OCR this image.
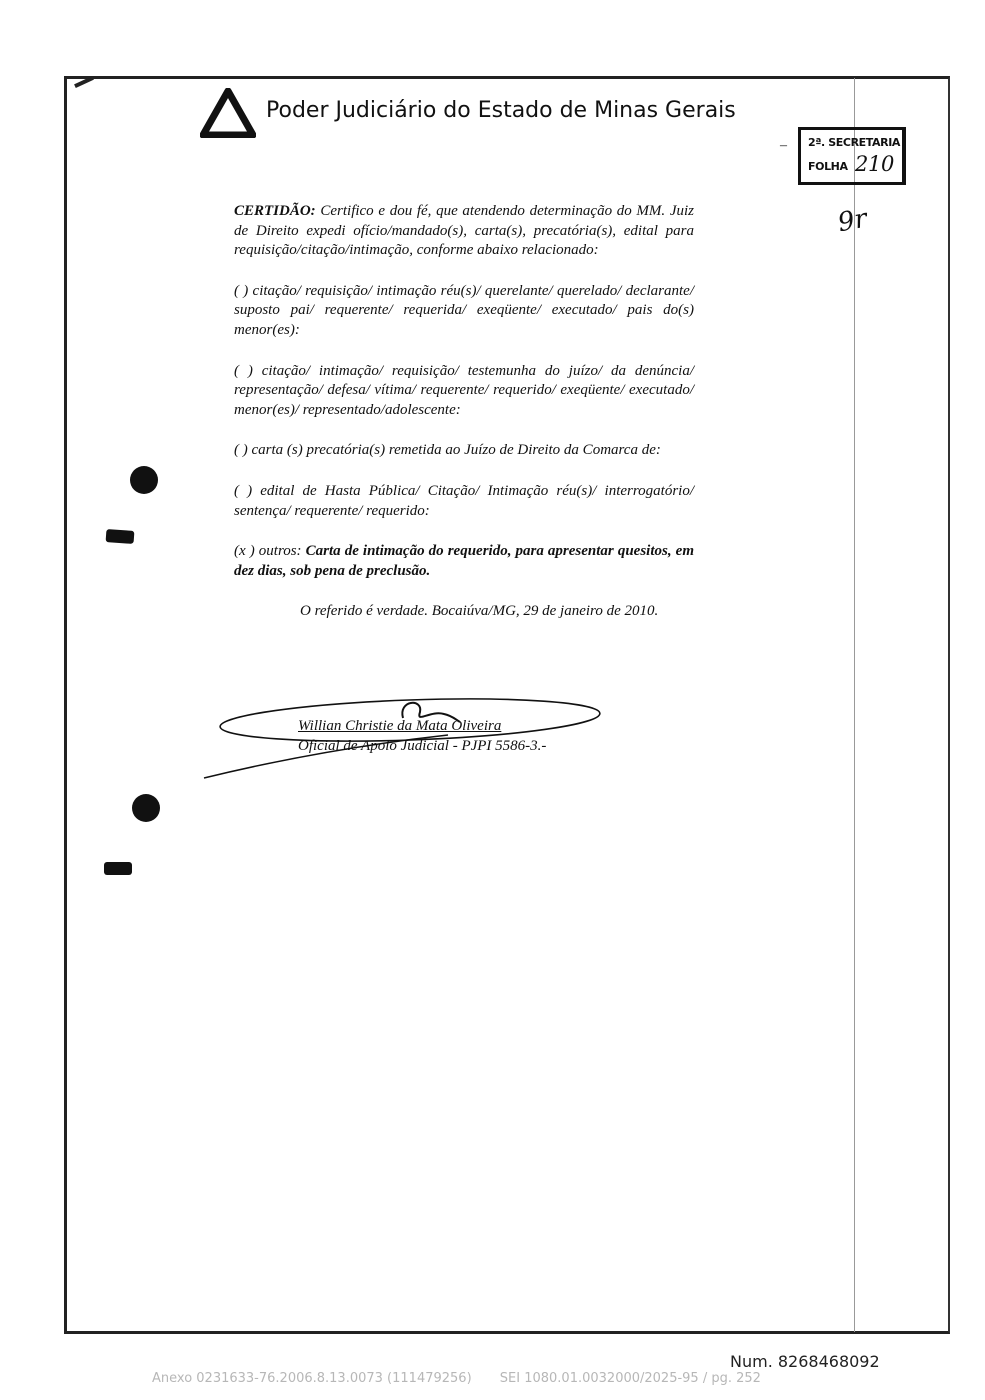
Poder Judiciário do Estado de Minas Gerais
– 2ª. SECRETARIA
FOLHA 210
9r

CERTIDÃO: Certifico e dou fé, que atendendo determinação do MM. Juiz de Direito expedi ofício/mandado(s), carta(s), precatória(s), edital para requisição/citação/intimação, conforme abaixo relacionado:

( ) citação/ requisição/ intimação réu(s)/ querelante/ querelado/ declarante/ suposto pai/ requerente/ requerida/ exeqüente/ executado/ pais do(s) menor(es):

( ) citação/ intimação/ requisição/ testemunha do juízo/ da denúncia/ representação/ defesa/ vítima/ requerente/ requerido/ exeqüente/ executado/ menor(es)/ representado/adolescente:

( ) carta (s) precatória(s) remetida ao Juízo de Direito da Comarca de:

( ) edital de Hasta Pública/ Citação/ Intimação réu(s)/ interrogatório/ sentença/ requerente/ requerido:

(x ) outros: Carta de intimação do requerido, para apresentar quesitos, em dez dias, sob pena de preclusão.

O referido é verdade. Bocaiúva/MG, 29 de janeiro de 2010.

Willian Christie da Mata Oliveira
Oficial de Apoio Judicial - PJPI 5586-3.-
Num. 8268468092
Anexo 0231633-76.2006.8.13.0073 (111479256) SEI 1080.01.0032000/2025-95 / pg. 252
